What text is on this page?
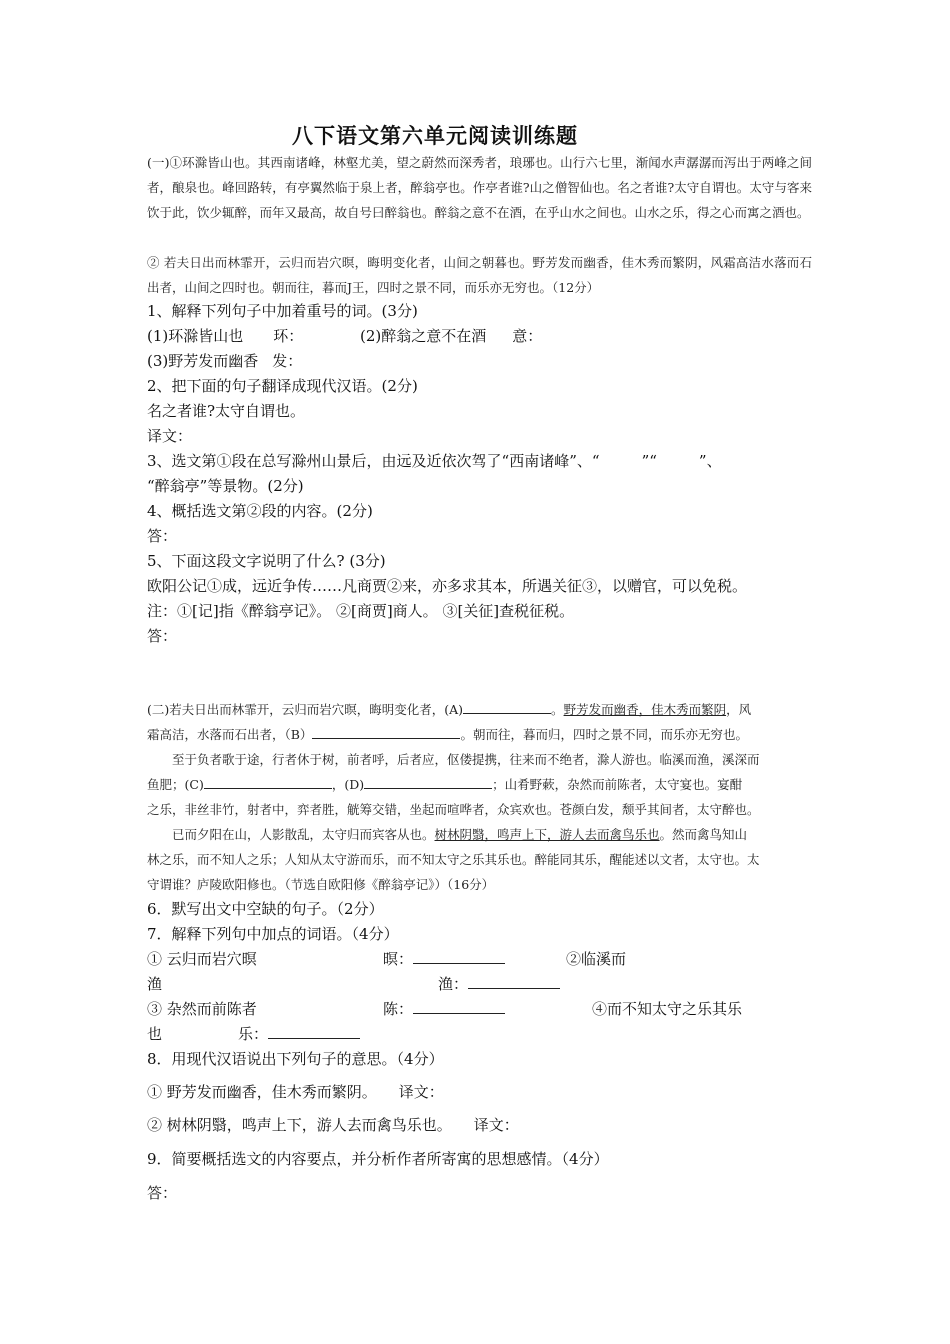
八下语文第六单元阅读训练题
(一)①环滁皆山也。其西南诸峰，林壑尤美，望之蔚然而深秀者，琅琊也。山行六七里，渐闻水声潺潺而泻出于两峰之间者，酿泉也。峰回路转，有亭翼然临于泉上者，醉翁亭也。作亭者谁?山之僧智仙也。名之者谁?太守自谓也。太守与客来饮于此，饮少辄醉，而年又最高，故自号曰醉翁也。醉翁之意不在酒，在乎山水之间也。山水之乐，得之心而寓之酒也。
② 若夫日出而林霏开，云归而岩穴暝，晦明变化者，山间之朝暮也。野芳发而幽香，佳木秀而繁阴，风霜高洁水落而石出者，山间之四时也。朝而往，暮而J王，四时之景不同，而乐亦无穷也。（12分）
1、解释下列句子中加着重号的词。(3分)
(1)环滁皆山也 环：	(2)醉翁之意不在酒 意：
(3)野芳发而幽香 发：
2、把下面的句子翻译成现代汉语。(2分)
名之者谁?太守自谓也。
译文：
3、选文第①段在总写滁州山景后，由远及近依次驾了“西南诸峰”、“	”“	”、
“醉翁亭”等景物。(2分)
4、概括选文第②段的内容。(2分)
答：
5、下面这段文字说明了什么? (3分)
欧阳公记①成，远近争传……凡商贾②来，亦多求其本，所遇关征③，以赠官，可以免税。
注：①[记]指《醉翁亭记》。 ②[商贾]商人。 ③[关征]查税征税。
答：
(二)若夫日出而林霏开，云归而岩穴暝，晦明变化者，(A)	。野芳发而幽香，佳木秀而繁阴，风
霜高洁，水落而石出者，（B）	。朝而往，暮而归，四时之景不同，而乐亦无穷也。
至于负者歌于途，行者休于树，前者呼，后者应，伛偻提携，往来而不绝者，滁人游也。临溪而渔，溪深而
鱼肥；(C)	，(D)	；山肴野蔌，杂然而前陈者，太守宴也。宴酣
之乐，非丝非竹，射者中，弈者胜，觥筹交错，坐起而喧哗者，众宾欢也。苍颜白发，颓乎其间者，太守醉也。
已而夕阳在山，人影散乱，太守归而宾客从也。树林阴翳，鸣声上下，游人去而禽鸟乐也。然而禽鸟知山
林之乐，而不知人之乐；人知从太守游而乐，而不知太守之乐其乐也。醉能同其乐，醒能述以文者，太守也。太
守谓谁？庐陵欧阳修也。（节选自欧阳修《醉翁亭记》）（16分）
6．默写出文中空缺的句子。（2分）
7．解释下列句中加点的词语。（4分）
① 云归而岩穴暝	暝：	②临溪而
渔	渔：
③ 杂然而前陈者	陈：	④而不知太守之乐其乐
也	乐：
8．用现代汉语说出下列句子的意思。（4分）
① 野芳发而幽香，佳木秀而繁阴。 译文：
② 树林阴翳，鸣声上下，游人去而禽鸟乐也。 译文：
9．简要概括选文的内容要点，并分析作者所寄寓的思想感情。（4分）
答：
